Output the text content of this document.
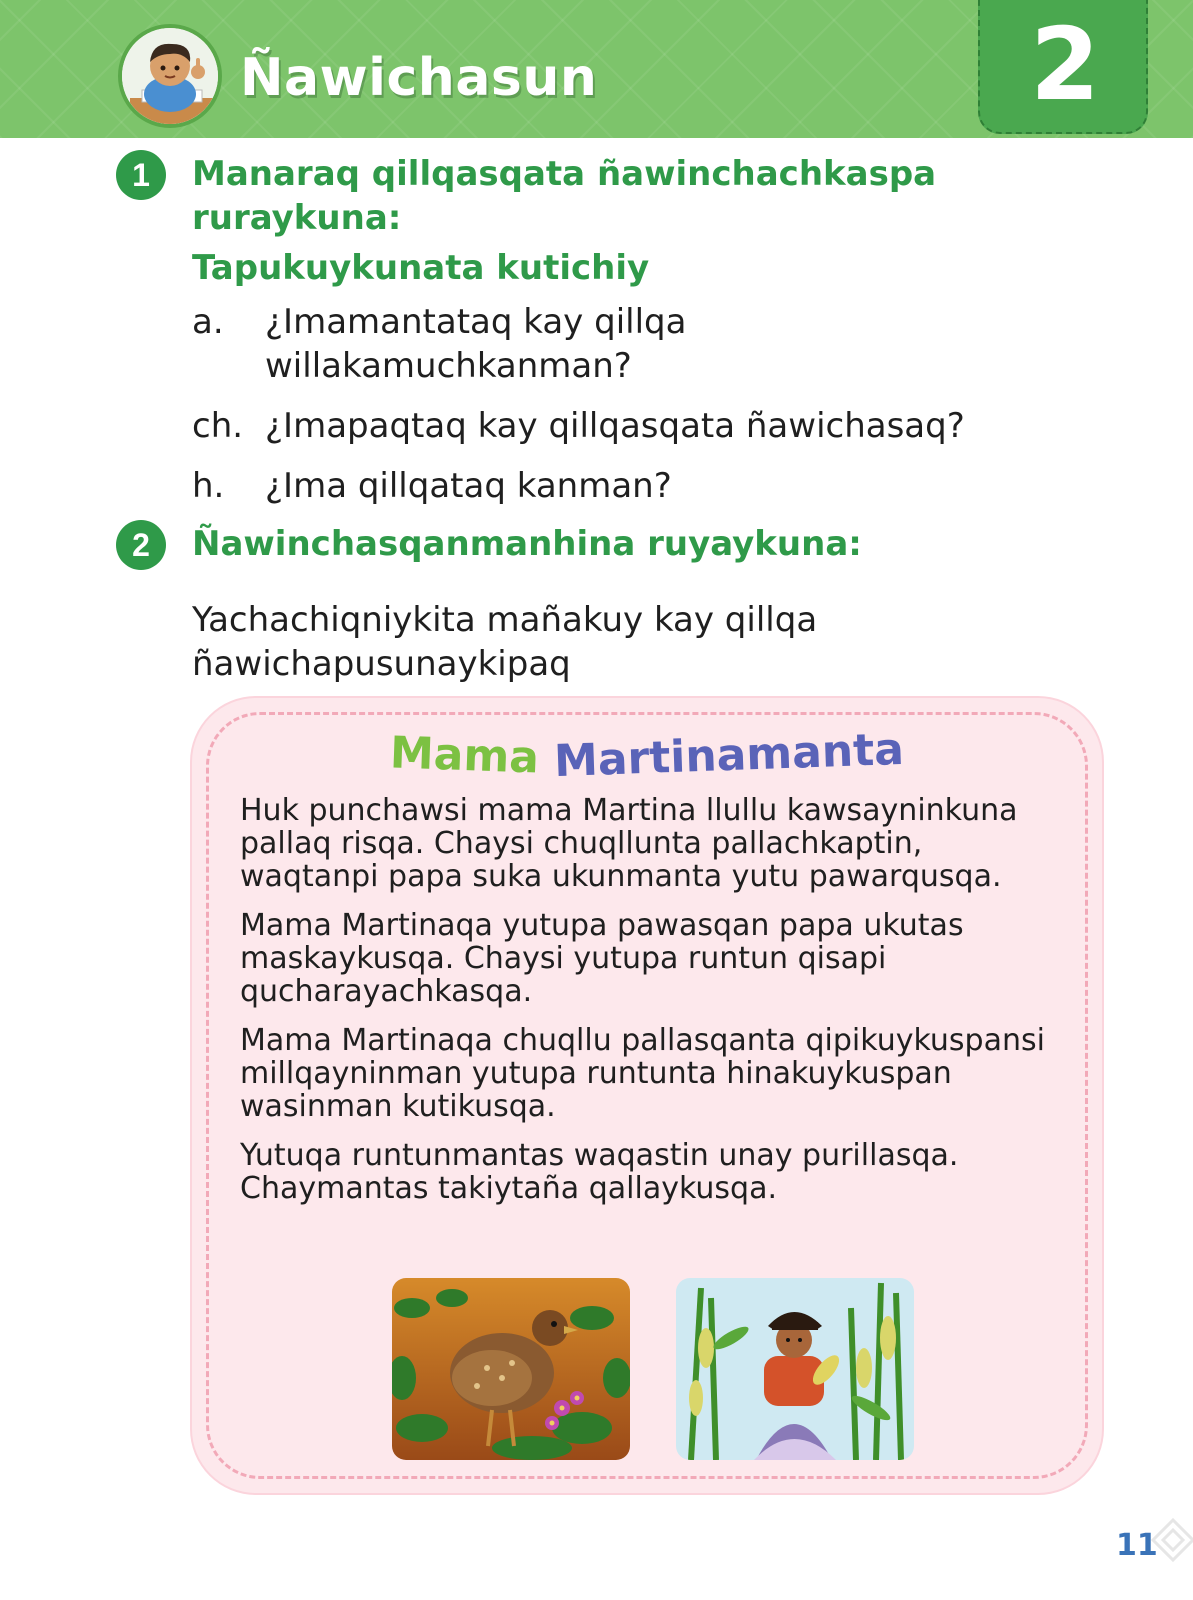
Ñawichasun	2
1	Manaraq qillqasqata ñawinchachkaspa ruraykuna:
Tapukuykunata kutichiy
a. ¿Imamantataq kay qillqa willakamuchkanman?
ch. ¿Imapaqtaq kay qillqasqata ñawichasaq?
h. ¿Ima qillqataq kanman?
2	Ñawinchasqanmanhina ruyaykuna:
Yachachiqniykita mañakuy kay qillqa ñawichapusunaykipaq
Mama Martinamanta

Huk punchawsi mama Martina llullu kawsayninkuna pallaq risqa. Chaysi chuqllunta pallachkaptin, waqtanpi papa suka ukunmanta yutu pawarqusqa.

Mama Martinaqa yutupa pawasqan papa ukutas maskaykusqa. Chaysi yutupa runtun qisapi qucharayachkasqa.

Mama Martinaqa chuqllu pallasqanta qipikuykuspansi millqayninman yutupa runtunta hinakuykuspan wasinman kutikusqa.

Yutuqa runtunmantas waqastin unay purillasqa. Chaymantas takiytaña qallaykusqa.

11
